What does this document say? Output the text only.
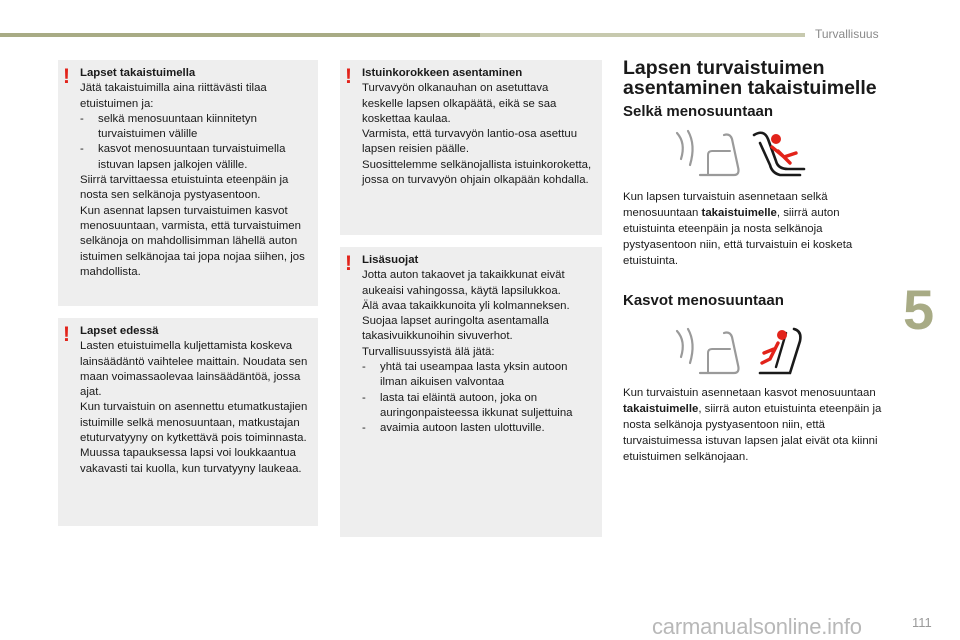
Turvallisuus
! Lapset takaistuimella

Jätä takaistuimilla aina riittävästi tilaa etuistuimen ja:

- selkä menosuuntaan kiinnitetyn turvaistuimen välille
- kasvot menosuuntaan turvaistuimella istuvan lapsen jalkojen välille.

Siirrä tarvittaessa etuistuinta eteenpäin ja nosta sen selkänoja pystyasentoon.

Kun asennat lapsen turvaistuimen kasvot menosuuntaan, varmista, että turvaistuimen selkänoja on mahdollisimman lähellä auton istuimen selkänojaa tai jopa nojaa siihen, jos mahdollista.

! Lapset edessä

Lasten etuistuimella kuljettamista koskeva lainsäädäntö vaihtelee maittain. Noudata sen maan voimassaolevaa lainsäädäntöä, jossa ajat.

Kun turvaistuin on asennettu etumatkustajien istuimille selkä menosuuntaan, matkustajan etuturvatyyny on kytkettävä pois toiminnasta.

Muussa tapauksessa lapsi voi loukkaantua vakavasti tai kuolla, kun turvatyyny laukeaa.

! Istuinkorokkeen asentaminen

Turvavyön olkanauhan on asetuttava keskelle lapsen olkapäätä, eikä se saa koskettaa kaulaa.

Varmista, että turvavyön lantio-osa asettuu lapsen reisien päälle.

Suosittelemme selkänojallista istuinkoroketta, jossa on turvavyön ohjain olkapään kohdalla.

! Lisäsuojat

Jotta auton takaovet ja takaikkunat eivät aukeaisi vahingossa, käytä lapsilukkoa.

Älä avaa takaikkunoita yli kolmanneksen.

Suojaa lapset auringolta asentamalla takasivuikkunoihin sivuverhot.

Turvallisuussyistä älä jätä:

- yhtä tai useampaa lasta yksin autoon ilman aikuisen valvontaa
- lasta tai eläintä autoon, joka on auringonpaisteessa ikkunat suljettuina
- avaimia autoon lasten ulottuville.
Lapsen turvaistuimen
asentaminen takaistuimelle
Selkä menosuuntaan

Kun lapsen turvaistuin asennetaan selkä menosuuntaan takaistuimelle, siirrä auton etuistuinta eteenpäin ja nosta selkänoja pystyasentoon niin, että turvaistuin ei kosketa etuistuinta.

Kasvot menosuuntaan

Kun turvaistuin asennetaan kasvot menosuuntaan takaistuimelle, siirrä auton etuistuinta eteenpäin ja nosta selkänoja pystyasentoon niin, että turvaistuimessa istuvan lapsen jalat eivät ota kiinni etuistuimen selkänojaan.

5
carmanualsonline.info	111
